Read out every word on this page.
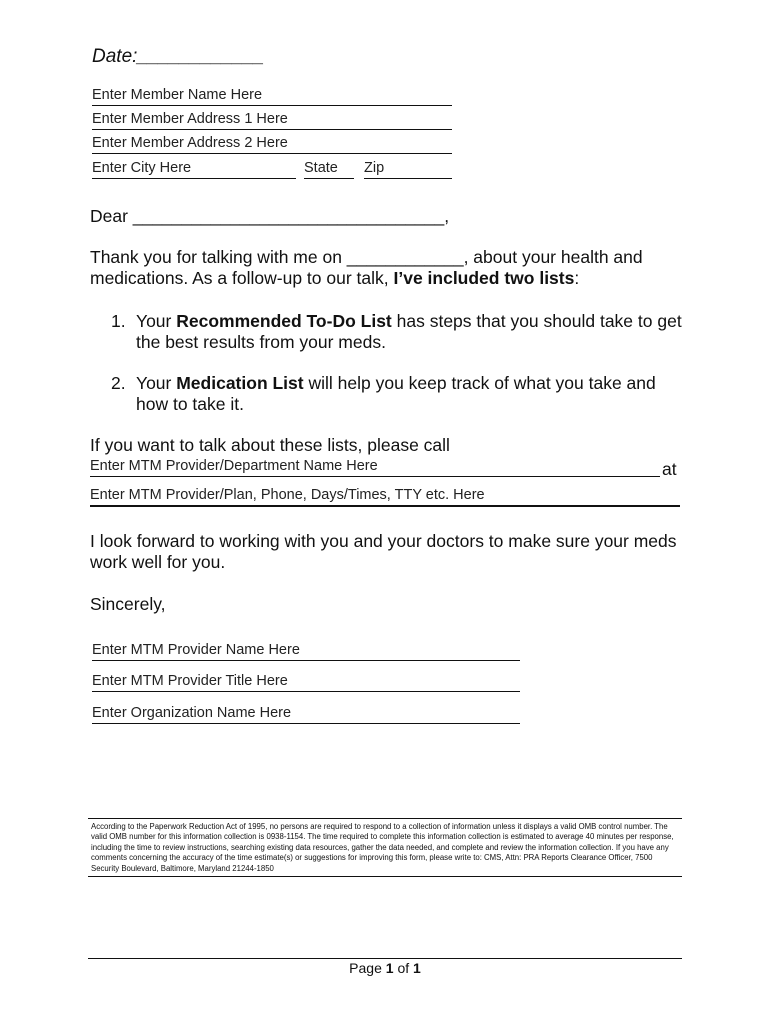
Date:____________
Enter Member Name Here
Enter Member Address 1 Here
Enter Member Address 2 Here
Enter City Here	State	Zip
Dear ________________________________,
Thank you for talking with me on ____________, about your health and medications. As a follow-up to our talk, I’ve included two lists:
1. Your Recommended To-Do List has steps that you should take to get the best results from your meds.
2. Your Medication List will help you keep track of what you take and how to take it.
If you want to talk about these lists, please call
Enter MTM Provider/Department Name Here	at
Enter MTM Provider/Plan, Phone, Days/Times, TTY etc. Here
I look forward to working with you and your doctors to make sure your meds work well for you.
Sincerely,
Enter MTM Provider Name Here
Enter MTM Provider Title Here
Enter Organization Name Here
According to the Paperwork Reduction Act of 1995, no persons are required to respond to a collection of information unless it displays a valid OMB control number. The valid OMB number for this information collection is 0938-1154. The time required to complete this information collection is estimated to average 40 minutes per response, including the time to review instructions, searching existing data resources, gather the data needed, and complete and review the information collection. If you have any comments concerning the accuracy of the time estimate(s) or suggestions for improving this form, please write to: CMS, Attn: PRA Reports Clearance Officer, 7500 Security Boulevard, Baltimore, Maryland 21244-1850
Page 1 of 1
